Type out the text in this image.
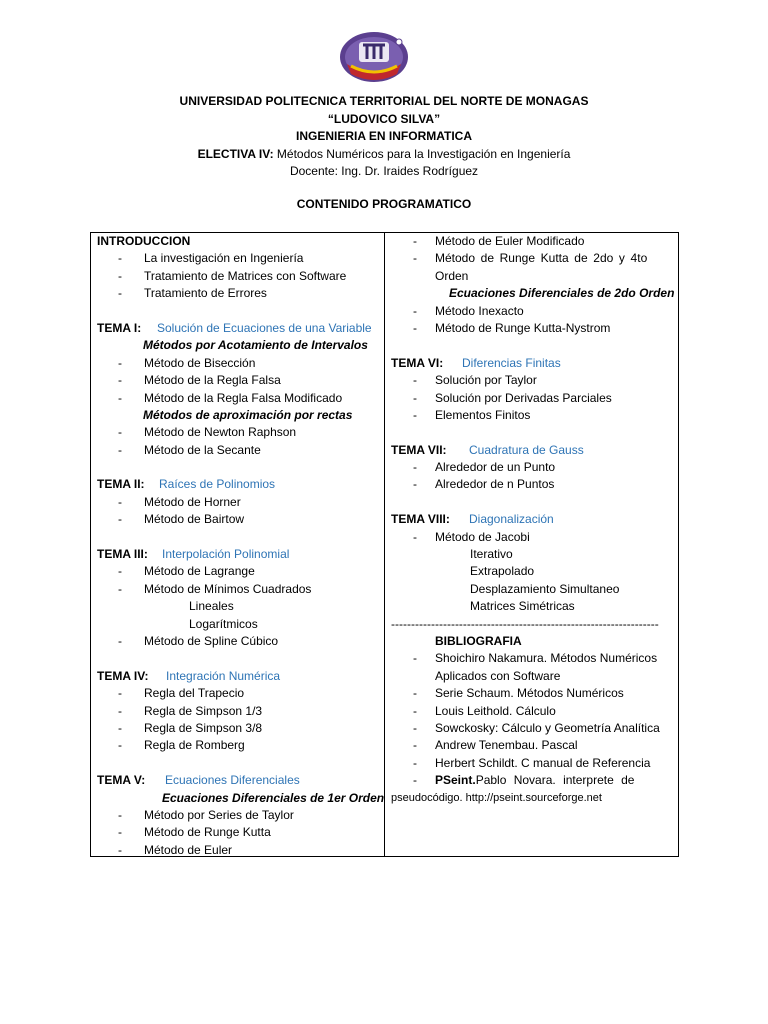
UNIVERSIDAD POLITECNICA TERRITORIAL DEL NORTE DE MONAGAS
“LUDOVICO SILVA”
INGENIERIA EN INFORMATICA
ELECTIVA IV: Métodos Numéricos para la Investigación en Ingeniería
Docente: Ing. Dr. Iraides Rodríguez
CONTENIDO PROGRAMATICO
INTRODUCCION
-	La investigación en Ingeniería
-	Tratamiento de Matrices con Software
-	Tratamiento de Errores
TEMA I:	Solución de Ecuaciones de una Variable
Métodos por Acotamiento de Intervalos
-	Método de Bisección
-	Método de la Regla Falsa
-	Método de la Regla Falsa Modificado
Métodos de aproximación por rectas
-	Método de Newton Raphson
-	Método de la Secante
TEMA II:	Raíces de Polinomios
-	Método de Horner
-	Método de Bairtow
TEMA III:	Interpolación Polinomial
-	Método de Lagrange
-	Método de Mínimos Cuadrados
Lineales
Logarítmicos
-	Método de Spline Cúbico
TEMA IV:	Integración Numérica
-	Regla del Trapecio
-	Regla de Simpson 1/3
-	Regla de Simpson 3/8
-	Regla de Romberg
TEMA V:	Ecuaciones Diferenciales
Ecuaciones Diferenciales de 1er Orden
-	Método por Series de Taylor
-	Método de Runge Kutta
-	Método de Euler
-	Método de Euler Modificado
-	Método de Runge Kutta de 2do y 4to
Orden
Ecuaciones Diferenciales de 2do Orden
-	Método Inexacto
-	Método de Runge Kutta-Nystrom
TEMA VI:	Diferencias Finitas
-	Solución por Taylor
-	Solución por Derivadas Parciales
-	Elementos Finitos
TEMA VII:	Cuadratura de Gauss
-	Alrededor de un Punto
-	Alrededor de n Puntos
TEMA VIII:	Diagonalización
-	Método de Jacobi
Iterativo
Extrapolado
Desplazamiento Simultaneo
Matrices Simétricas
-------------------------------------------------------------------
BIBLIOGRAFIA
-	Shoichiro Nakamura. Métodos Numéricos
Aplicados con Software
-	Serie Schaum. Métodos Numéricos
-	Louis Leithold. Cálculo
-	Sowckosky: Cálculo y Geometría Analítica
-	Andrew Tenembau. Pascal
-	Herbert Schildt. C manual de Referencia
-	PSeint. Pablo Novara. interprete de
pseudocódigo. http://pseint.sourceforge.net
